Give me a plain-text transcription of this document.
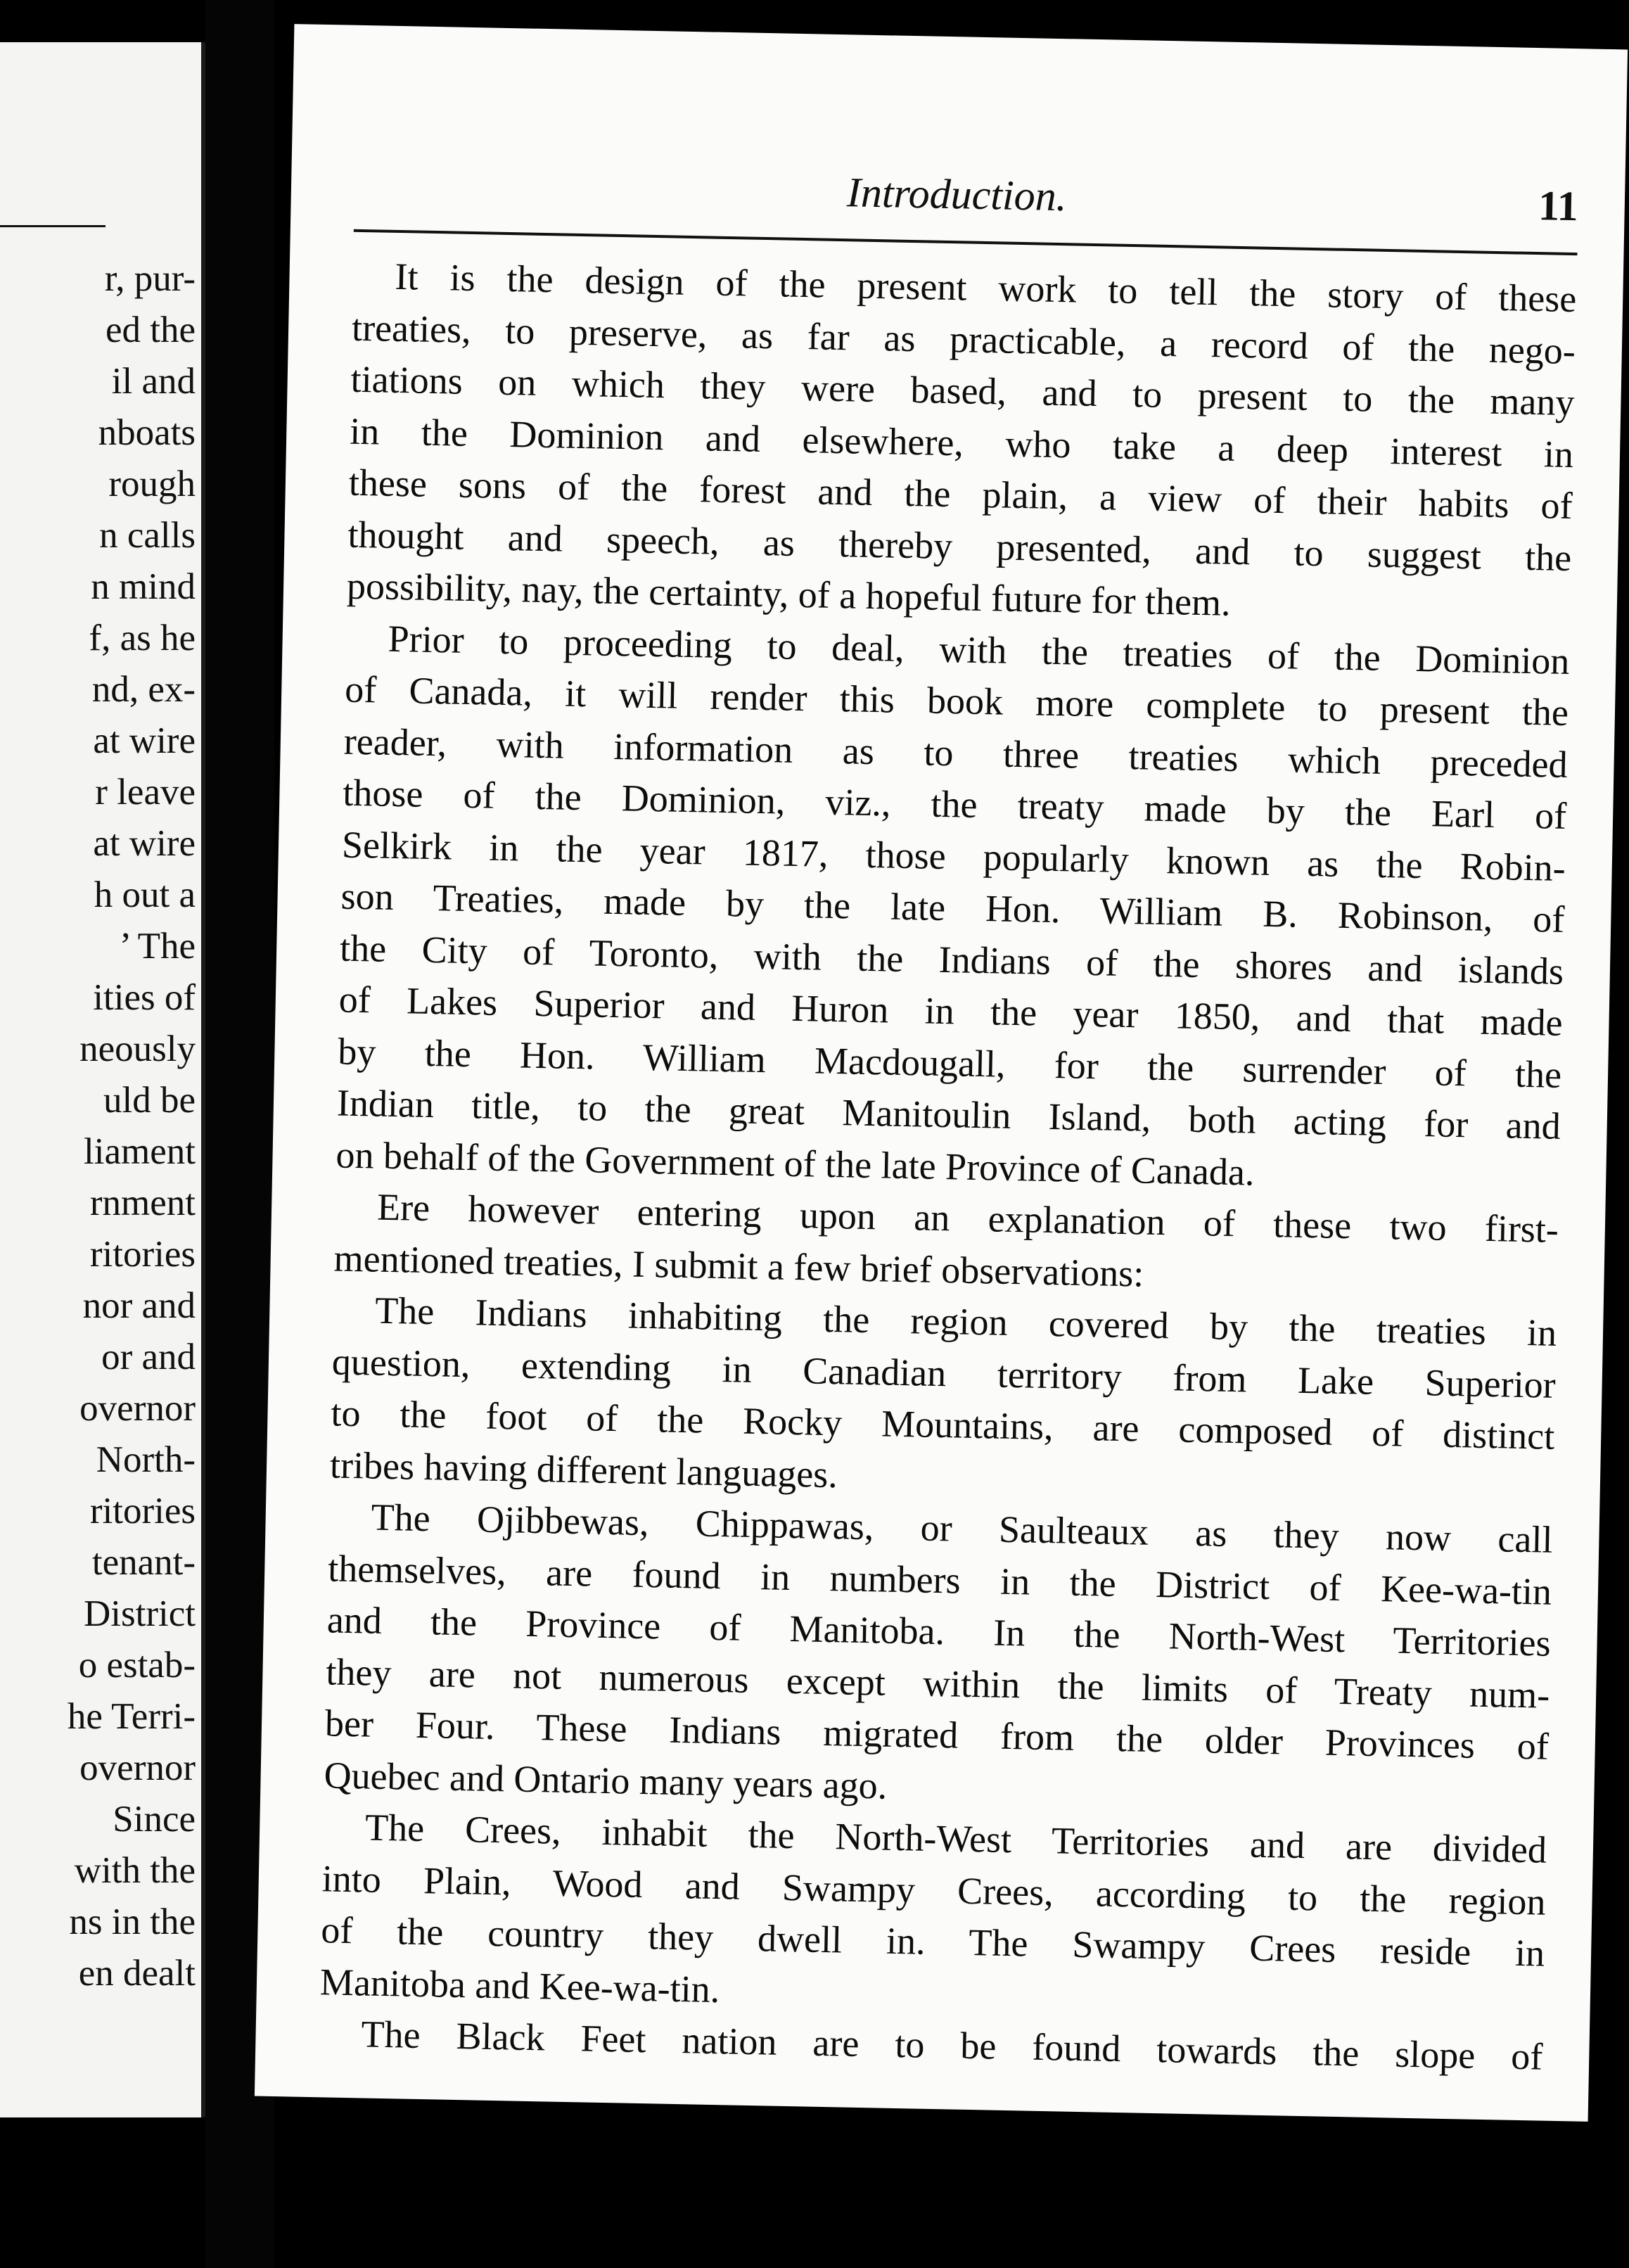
r, pur-
ed the
il and
nboats
rough
n calls
n mind
f, as he
nd, ex-
at wire
r leave
at wire
h out a
’ The
ities of
neously
uld be
liament
rnment
ritories
nor and
or and
overnor
North-
ritories
tenant-
District
o estab-
he Terri-
overnor
Since
with the
ns in the
en dealt
Introduction.	11
It is the design of the present work to tell the story of these
treaties, to preserve, as far as practicable, a record of the nego-
tiations on which they were based, and to present to the many
in the Dominion and elsewhere, who take a deep interest in
these sons of the forest and the plain, a view of their habits of
thought and speech, as thereby presented, and to suggest the
possibility, nay, the certainty, of a hopeful future for them.
Prior to proceeding to deal, with the treaties of the Dominion
of Canada, it will render this book more complete to present the
reader, with information as to three treaties which preceded
those of the Dominion, viz., the treaty made by the Earl of
Selkirk in the year 1817, those popularly known as the Robin-
son Treaties, made by the late Hon. William B. Robinson, of
the City of Toronto, with the Indians of the shores and islands
of Lakes Superior and Huron in the year 1850, and that made
by the Hon. William Macdougall, for the surrender of the
Indian title, to the great Manitoulin Island, both acting for and
on behalf of the Government of the late Province of Canada.
Ere however entering upon an explanation of these two first-
mentioned treaties, I submit a few brief observations:
The Indians inhabiting the region covered by the treaties in
question, extending in Canadian territory from Lake Superior
to the foot of the Rocky Mountains, are composed of distinct
tribes having different languages.
The Ojibbewas, Chippawas, or Saulteaux as they now call
themselves, are found in numbers in the District of Kee-wa-tin
and the Province of Manitoba. In the North-West Territories
they are not numerous except within the limits of Treaty num-
ber Four. These Indians migrated from the older Provinces of
Quebec and Ontario many years ago.
The Crees, inhabit the North-West Territories and are divided
into Plain, Wood and Swampy Crees, according to the region
of the country they dwell in. The Swampy Crees reside in
Manitoba and Kee-wa-tin.
The Black Feet nation are to be found towards the slope of
